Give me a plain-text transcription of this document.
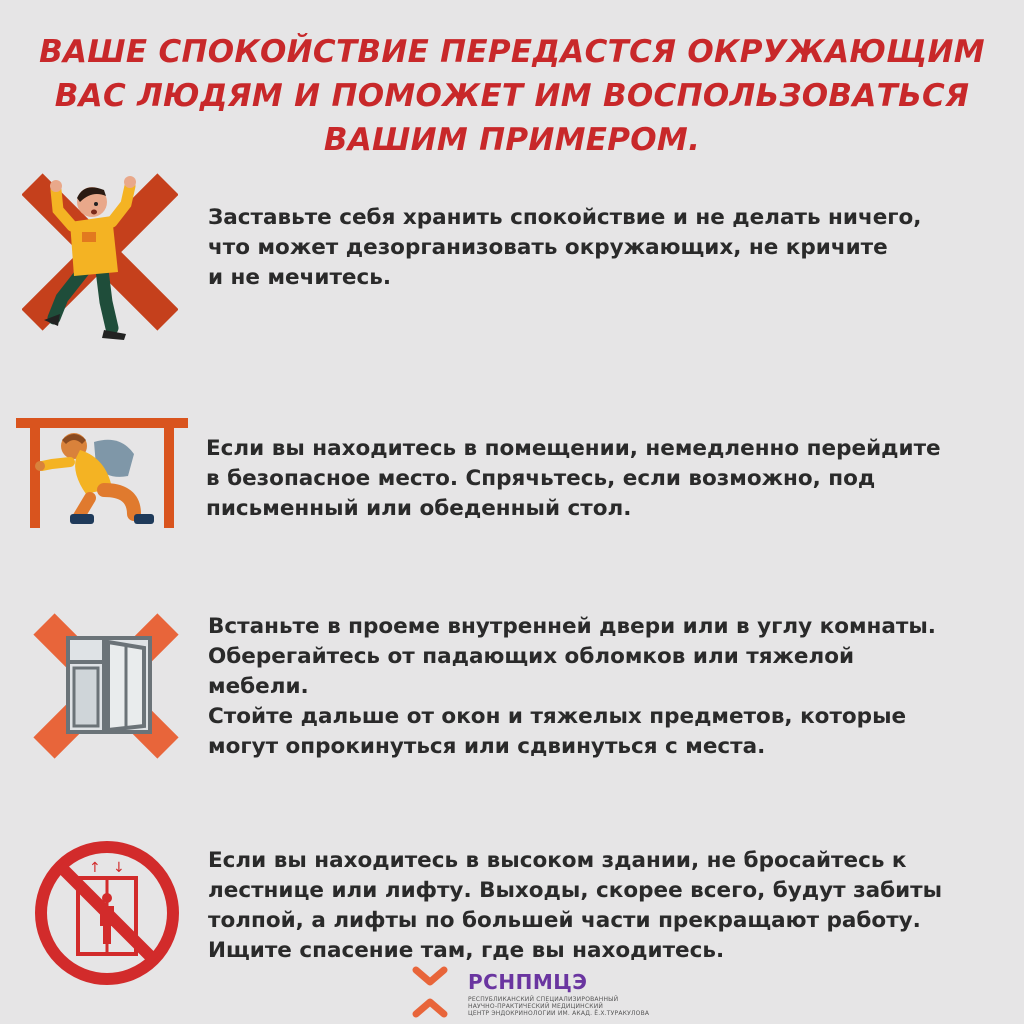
ВАШЕ СПОКОЙСТВИЕ ПЕРЕДАСТСЯ ОКРУЖАЮЩИМ
ВАС ЛЮДЯМ И ПОМОЖЕТ ИМ ВОСПОЛЬЗОВАТЬСЯ
ВАШИМ ПРИМЕРОМ.
Заставьте себя хранить спокойствие и не делать ничего,
что может дезорганизовать окружающих, не кричите
и не мечитесь.
Если вы находитесь в помещении, немедленно перейдите
в безопасное место. Спрячьтесь, если возможно, под
письменный или обеденный стол.
Встаньте в проеме внутренней двери или в углу комнаты.
Оберегайтесь от падающих обломков или тяжелой
мебели.
Стойте дальше от окон и тяжелых предметов, которые
могут опрокинуться или сдвинуться с места.
↑ ↓	Если вы находитесь в высоком здании, не бросайтесь к
лестнице или лифту. Выходы, скорее всего, будут забиты
толпой, а лифты по большей части прекращают работу.
Ищите спасение там, где вы находитесь.
РСНПМЦЭ
РЕСПУБЛИКАНСКИЙ СПЕЦИАЛИЗИРОВАННЫЙ
НАУЧНО-ПРАКТИЧЕСКИЙ МЕДИЦИНСКИЙ
ЦЕНТР ЭНДОКРИНОЛОГИИ ИМ. АКАД. Ё.Х.ТУРАКУЛОВА
